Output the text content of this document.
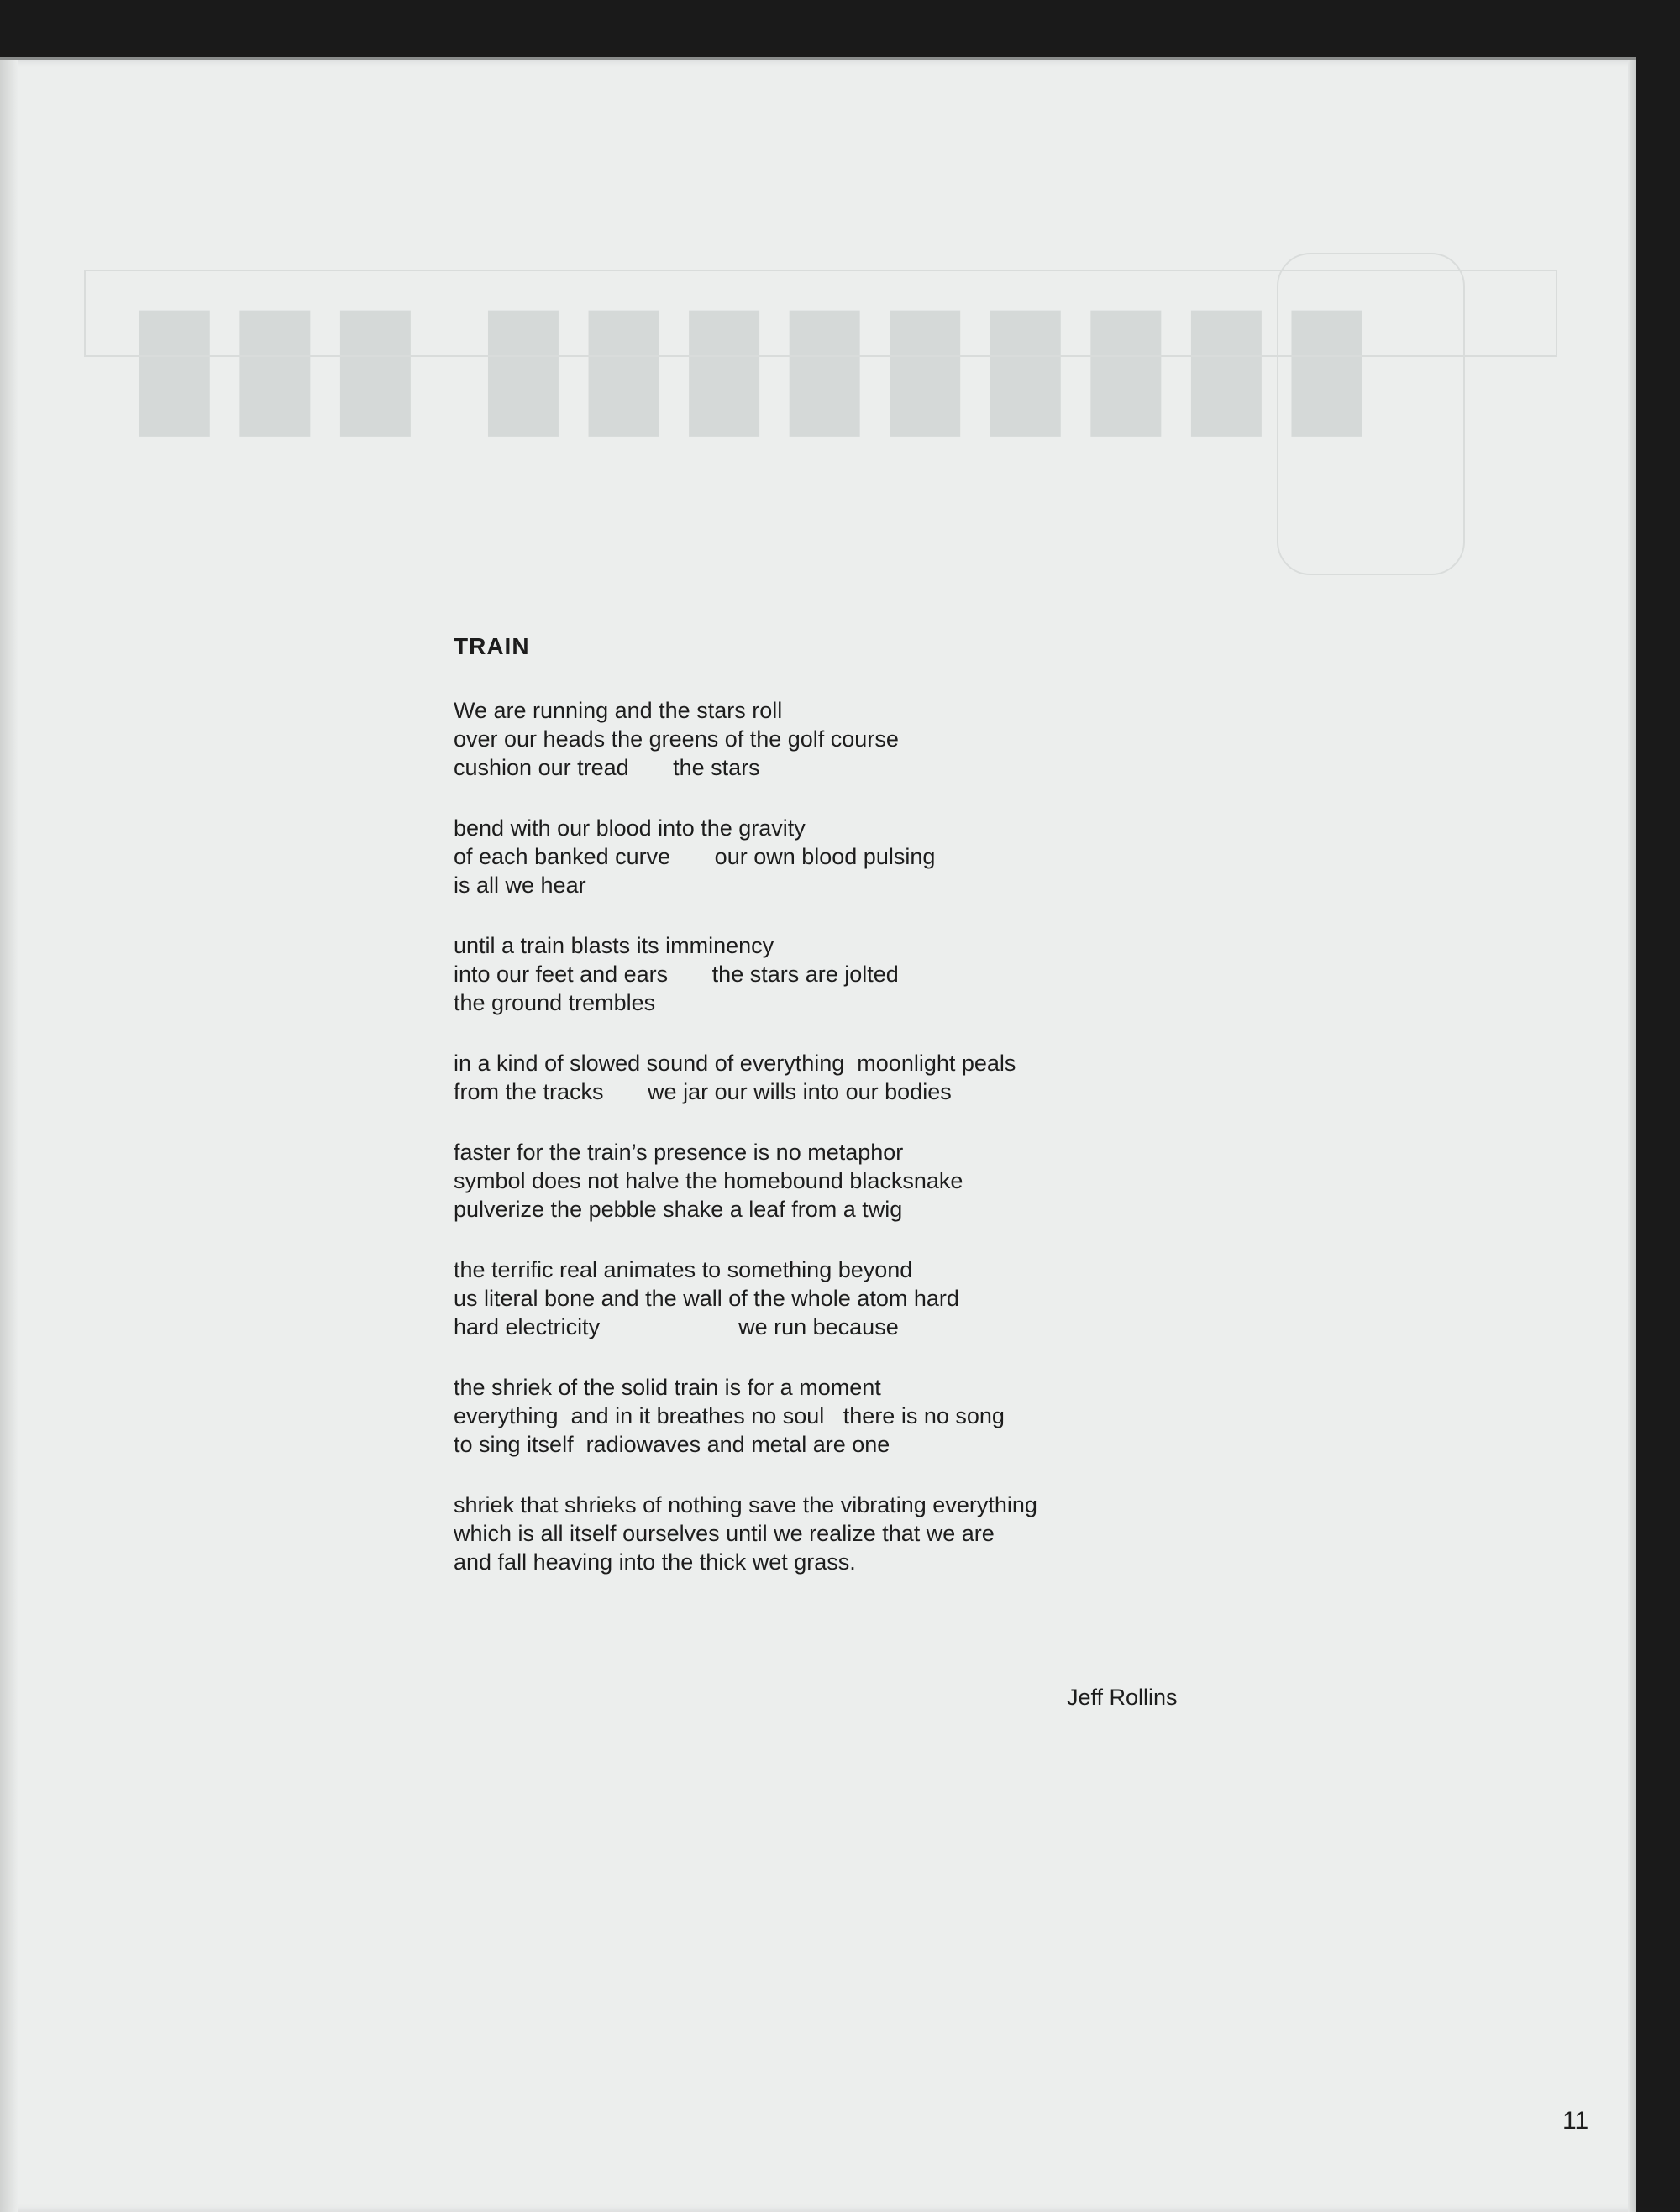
▮▮▮ ▮▮▮▮▮▮▮▮▮
TRAIN
We are running and the stars roll
over our heads the greens of the golf course
cushion our tread       the stars
bend with our blood into the gravity
of each banked curve       our own blood pulsing
is all we hear
until a train blasts its imminency
into our feet and ears       the stars are jolted
the ground trembles
in a kind of slowed sound of everything  moonlight peals
from the tracks       we jar our wills into our bodies
faster for the train’s presence is no metaphor
symbol does not halve the homebound blacksnake
pulverize the pebble shake a leaf from a twig
the terrific real animates to something beyond
us literal bone and the wall of the whole atom hard
hard electricity                      we run because
the shriek of the solid train is for a moment
everything  and in it breathes no soul   there is no song
to sing itself  radiowaves and metal are one
shriek that shrieks of nothing save the vibrating everything
which is all itself ourselves until we realize that we are
and fall heaving into the thick wet grass.
Jeff Rollins
11
